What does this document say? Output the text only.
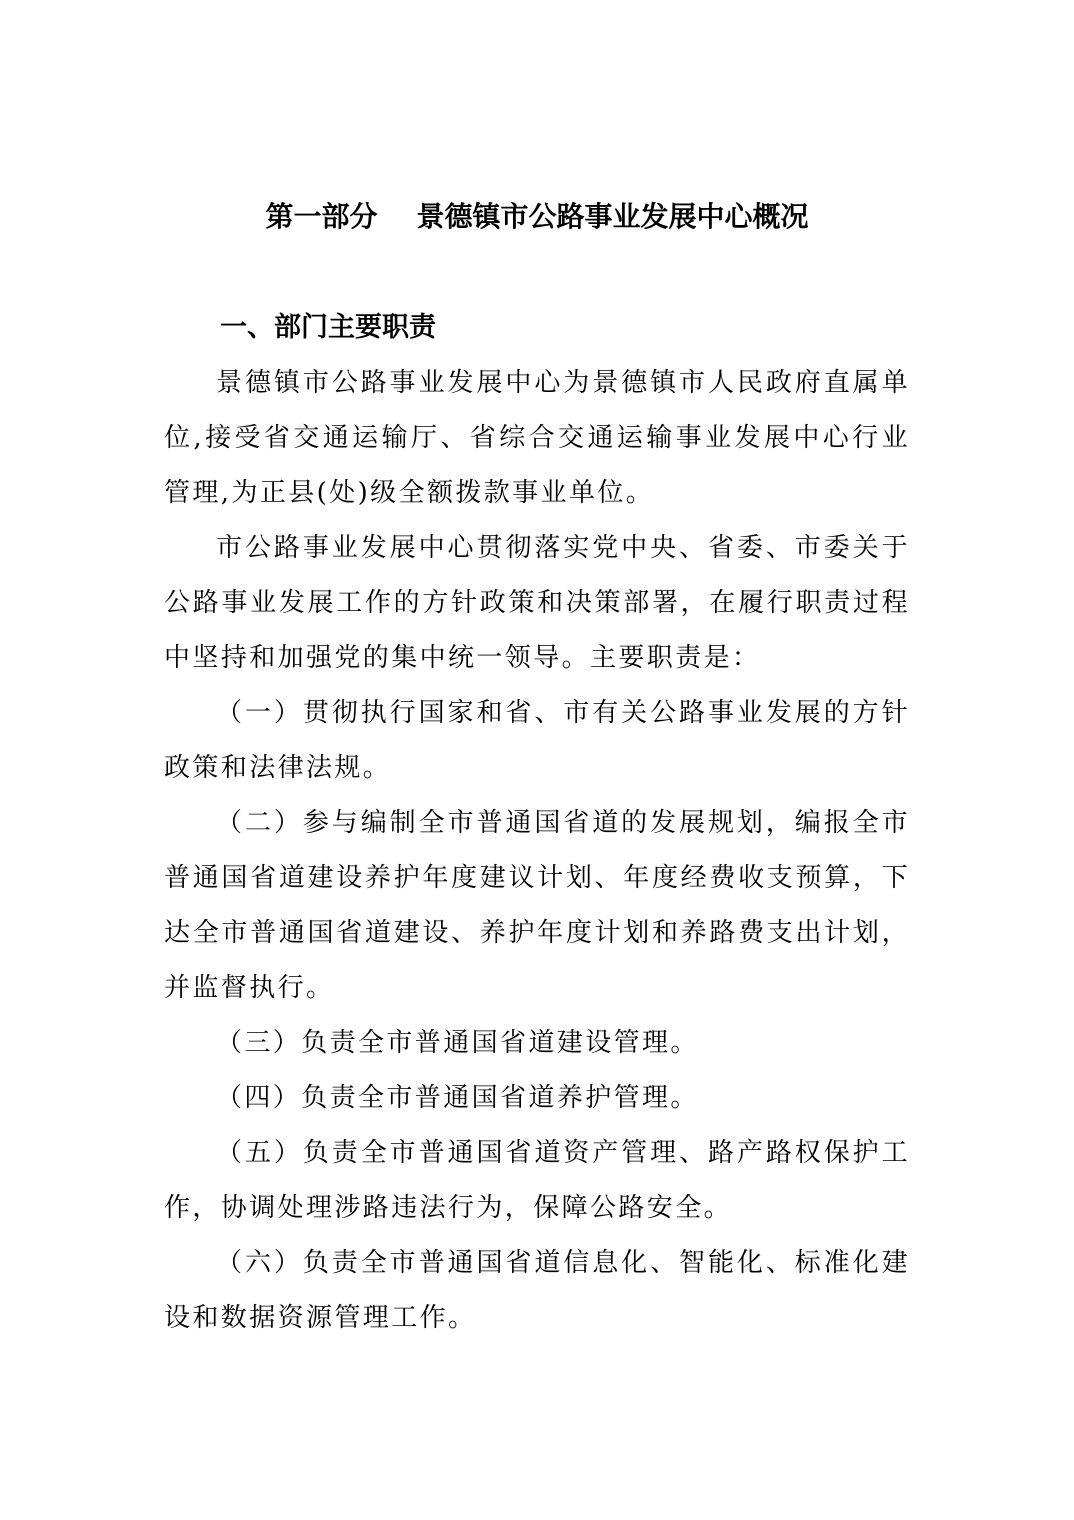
第一部分    景德镇市公路事业发展中心概况
一、部门主要职责

景德镇市公路事业发展中心为景德镇市人民政府直属单位,接受省交通运输厅、省综合交通运输事业发展中心行业管理,为正县(处)级全额拨款事业单位。

市公路事业发展中心贯彻落实党中央、省委、市委关于公路事业发展工作的方针政策和决策部署，在履行职责过程中坚持和加强党的集中统一领导。主要职责是：

（一）贯彻执行国家和省、市有关公路事业发展的方针政策和法律法规。

（二）参与编制全市普通国省道的发展规划，编报全市普通国省道建设养护年度建议计划、年度经费收支预算，下达全市普通国省道建设、养护年度计划和养路费支出计划，并监督执行。

（三）负责全市普通国省道建设管理。

（四）负责全市普通国省道养护管理。

（五）负责全市普通国省道资产管理、路产路权保护工作，协调处理涉路违法行为，保障公路安全。

（六）负责全市普通国省道信息化、智能化、标准化建设和数据资源管理工作。
